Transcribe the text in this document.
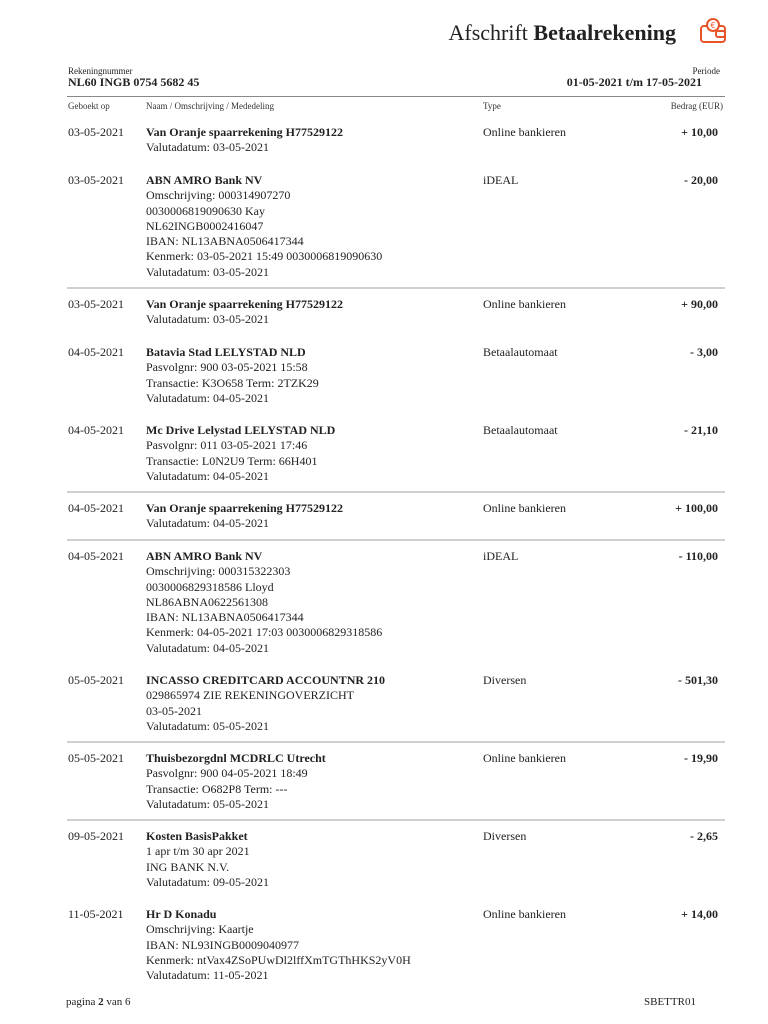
Afschrift Betaalrekening	€
Rekeningnummer
NL60 INGB 0754 5682 45
Periode
01-05-2021 t/m 17-05-2021
Geboekt op	Naam / Omschrijving / Mededeling	Type	Bedrag (EUR)
03-05-2021 Van Oranje spaarrekening H77529122
Valutadatum: 03-05-2021
Online bankieren	+ 10,00
03-05-2021 ABN AMRO Bank NV
Omschrijving: 000314907270
0030006819090630 Kay
NL62INGB0002416047
IBAN: NL13ABNA0506417344
Kenmerk: 03-05-2021 15:49 0030006819090630
Valutadatum: 03-05-2021
iDEAL	- 20,00
03-05-2021 Van Oranje spaarrekening H77529122
Valutadatum: 03-05-2021
Online bankieren	+ 90,00
04-05-2021 Batavia Stad LELYSTAD NLD
Pasvolgnr: 900 03-05-2021 15:58
Transactie: K3O658 Term: 2TZK29
Valutadatum: 04-05-2021
Betaalautomaat	- 3,00
04-05-2021 Mc Drive Lelystad LELYSTAD NLD
Pasvolgnr: 011 03-05-2021 17:46
Transactie: L0N2U9 Term: 66H401
Valutadatum: 04-05-2021
Betaalautomaat	- 21,10
04-05-2021 Van Oranje spaarrekening H77529122
Valutadatum: 04-05-2021
Online bankieren	+ 100,00
04-05-2021 ABN AMRO Bank NV
Omschrijving: 000315322303
0030006829318586 Lloyd
NL86ABNA0622561308
IBAN: NL13ABNA0506417344
Kenmerk: 04-05-2021 17:03 0030006829318586
Valutadatum: 04-05-2021
iDEAL	- 110,00
05-05-2021 INCASSO CREDITCARD ACCOUNTNR 210
029865974 ZIE REKENINGOVERZICHT
03-05-2021
Valutadatum: 05-05-2021
Diversen	- 501,30
05-05-2021 Thuisbezorgdnl MCDRLC Utrecht
Pasvolgnr: 900 04-05-2021 18:49
Transactie: O682P8 Term: ---
Valutadatum: 05-05-2021
Online bankieren	- 19,90
09-05-2021 Kosten BasisPakket
1 apr t/m 30 apr 2021
ING BANK N.V.
Valutadatum: 09-05-2021
Diversen	- 2,65
11-05-2021 Hr D Konadu
Omschrijving: Kaartje
IBAN: NL93INGB0009040977
Kenmerk: ntVax4ZSoPUwDl2lffXmTGThHKS2yV0H
Valutadatum: 11-05-2021
Online bankieren	+ 14,00
pagina 2 van 6	SBETTR01
